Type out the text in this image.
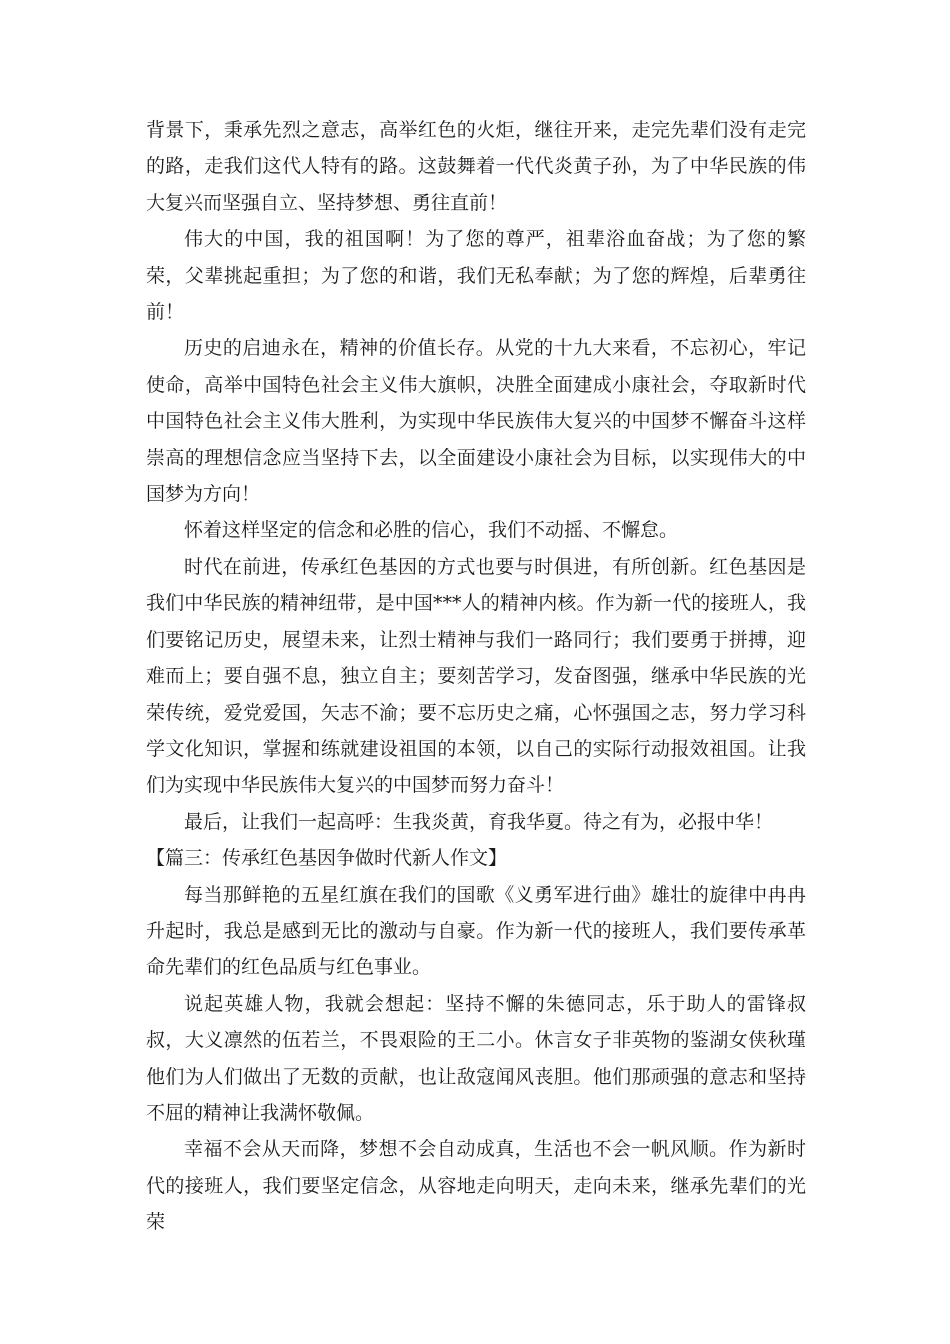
背景下，秉承先烈之意志，高举红色的火炬，继往开来，走完先辈们没有走完的路，走我们这代人特有的路。这鼓舞着一代代炎黄子孙，为了中华民族的伟大复兴而坚强自立、坚持梦想、勇往直前！

伟大的中国，我的祖国啊！为了您的尊严，祖辈浴血奋战；为了您的繁荣，父辈挑起重担；为了您的和谐，我们无私奉献；为了您的辉煌，后辈勇往前！

历史的启迪永在，精神的价值长存。从党的十九大来看，不忘初心，牢记使命，高举中国特色社会主义伟大旗帜，决胜全面建成小康社会，夺取新时代中国特色社会主义伟大胜利，为实现中华民族伟大复兴的中国梦不懈奋斗这样崇高的理想信念应当坚持下去，以全面建设小康社会为目标，以实现伟大的中国梦为方向！

怀着这样坚定的信念和必胜的信心，我们不动摇、不懈怠。

时代在前进，传承红色基因的方式也要与时俱进，有所创新。红色基因是我们中华民族的精神纽带，是中国***人的精神内核。作为新一代的接班人，我们要铭记历史，展望未来，让烈士精神与我们一路同行；我们要勇于拼搏，迎难而上；要自强不息，独立自主；要刻苦学习，发奋图强，继承中华民族的光荣传统，爱党爱国，矢志不渝；要不忘历史之痛，心怀强国之志，努力学习科学文化知识，掌握和练就建设祖国的本领，以自己的实际行动报效祖国。让我们为实现中华民族伟大复兴的中国梦而努力奋斗！

最后，让我们一起高呼：生我炎黄，育我华夏。待之有为，必报中华！

【篇三：传承红色基因争做时代新人作文】

每当那鲜艳的五星红旗在我们的国歌《义勇军进行曲》雄壮的旋律中冉冉升起时，我总是感到无比的激动与自豪。作为新一代的接班人，我们要传承革命先辈们的红色品质与红色事业。

说起英雄人物，我就会想起：坚持不懈的朱德同志，乐于助人的雷锋叔叔，大义凛然的伍若兰，不畏艰险的王二小。休言女子非英物的鉴湖女侠秋瑾他们为人们做出了无数的贡献，也让敌寇闻风丧胆。他们那顽强的意志和坚持不屈的精神让我满怀敬佩。

幸福不会从天而降，梦想不会自动成真，生活也不会一帆风顺。作为新时代的接班人，我们要坚定信念，从容地走向明天，走向未来，继承先辈们的光荣
